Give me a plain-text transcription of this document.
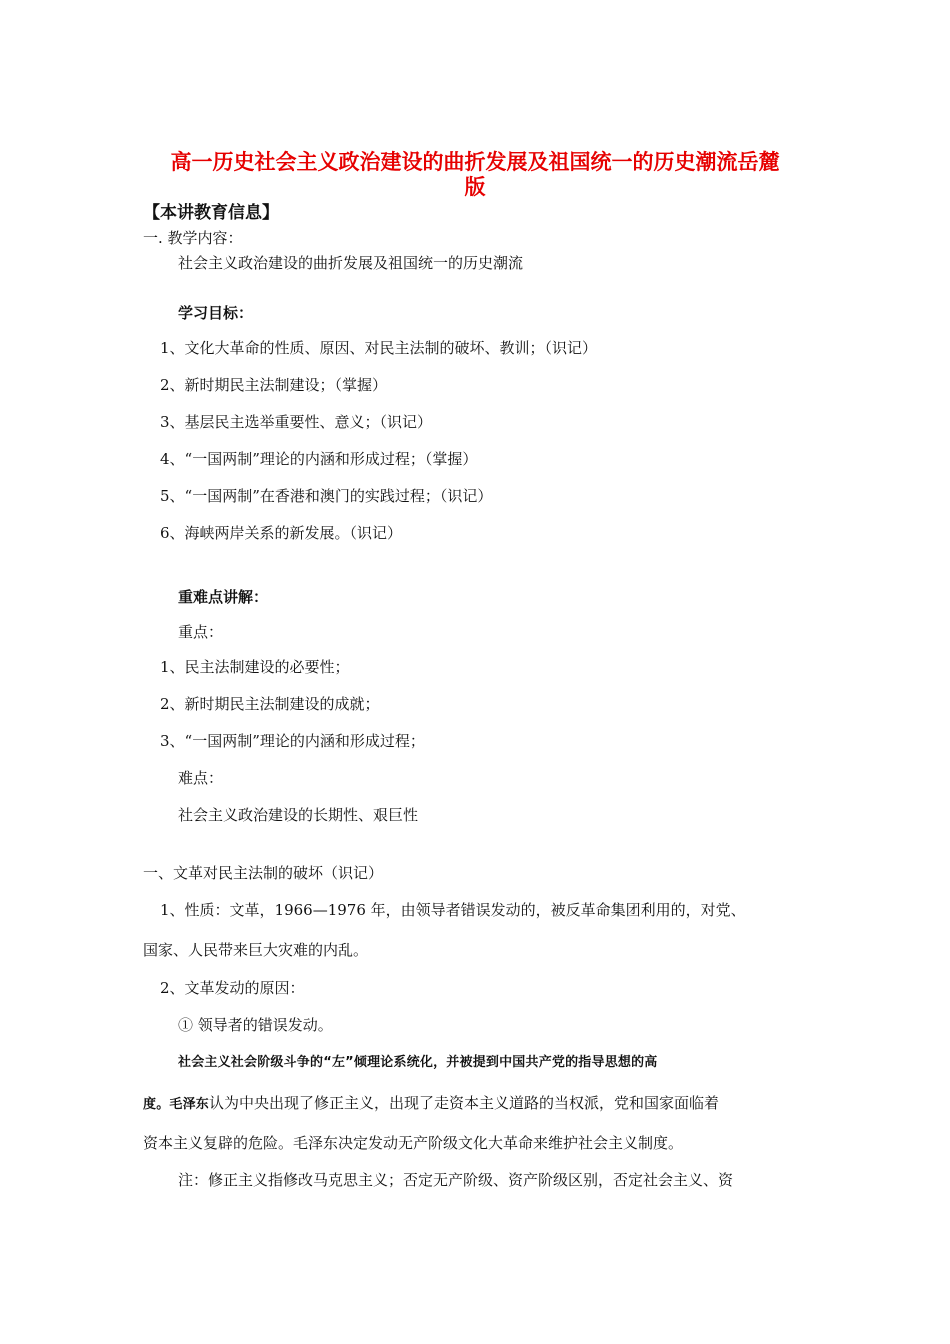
高一历史社会主义政治建设的曲折发展及祖国统一的历史潮流岳麓
版
【本讲教育信息】
一. 教学内容：
社会主义政治建设的曲折发展及祖国统一的历史潮流
学习目标：
1、文化大革命的性质、原因、对民主法制的破坏、教训；（识记）
2、新时期民主法制建设；（掌握）
3、基层民主选举重要性、意义；（识记）
4、“一国两制”理论的内涵和形成过程；（掌握）
5、“一国两制”在香港和澳门的实践过程；（识记）
6、海峡两岸关系的新发展。（识记）
重难点讲解：
重点：
1、民主法制建设的必要性；
2、新时期民主法制建设的成就；
3、“一国两制”理论的内涵和形成过程；
难点：
社会主义政治建设的长期性、艰巨性
一、文革对民主法制的破坏（识记）
1、性质：文革，1966—1976 年，由领导者错误发动的，被反革命集团利用的，对党、
国家、人民带来巨大灾难的内乱。
2、文革发动的原因：
① 领导者的错误发动。
社会主义社会阶级斗争的“左”倾理论系统化，并被提到中国共产党的指导思想的高
度。毛泽东认为中央出现了修正主义，出现了走资本主义道路的当权派，党和国家面临着
资本主义复辟的危险。毛泽东决定发动无产阶级文化大革命来维护社会主义制度。
注：修正主义指修改马克思主义；否定无产阶级、资产阶级区别，否定社会主义、资
